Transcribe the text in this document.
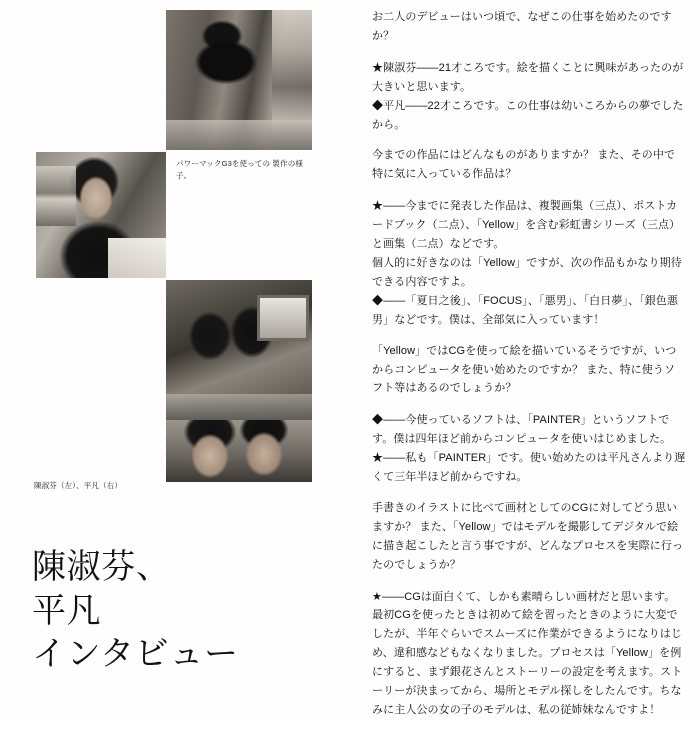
パワーマックG3を使っての 製作の様子。
陳淑芬（左）、平凡（右）
陳淑芬、
平凡
インタビュー

お二人のデビューはいつ頃で、なぜこの仕事を始めたのですか？

★陳淑芬——21才ころです。絵を描くことに興味があったのが大きいと思います。
◆平凡——22才ころです。この仕事は幼いころからの夢でしたから。

今までの作品にはどんなものがありますか？ また、その中で特に気に入っている作品は？

★——今までに発表した作品は、複製画集（三点）、ポストカードブック（二点）、「Yellow」を含む彩虹書シリーズ（三点）と画集（二点）などです。
個人的に好きなのは「Yellow」ですが、次の作品もかなり期待できる内容ですよ。
◆——「夏日之後」、「FOCUS」、「悪男」、「白日夢」、「銀色悪男」などです。僕は、全部気に入っています！

「Yellow」ではCGを使って絵を描いているそうですが、いつからコンピュータを使い始めたのですか？ また、特に使うソフト等はあるのでしょうか？

◆——今使っているソフトは、「PAINTER」というソフトです。僕は四年ほど前からコンピュータを使いはじめました。
★——私も「PAINTER」です。使い始めたのは平凡さんより遅くて三年半ほど前からですね。

手書きのイラストに比べて画材としてのCGに対してどう思いますか？ また、「Yellow」ではモデルを撮影してデジタルで絵に描き起こしたと言う事ですが、どんなプロセスを実際に行ったのでしょうか？

★——CGは面白くて、しかも素晴らしい画材だと思います。最初CGを使ったときは初めて絵を習ったときのように大変でしたが、半年ぐらいでスムーズに作業ができるようになりはじめ、違和感などもなくなりました。プロセスは「Yellow」を例にすると、まず銀花さんとストーリーの設定を考えます。ストーリーが決まってから、場所とモデル探しをしたんです。ちなみに主人公の女の子のモデルは、私の従姉妹なんですよ！
